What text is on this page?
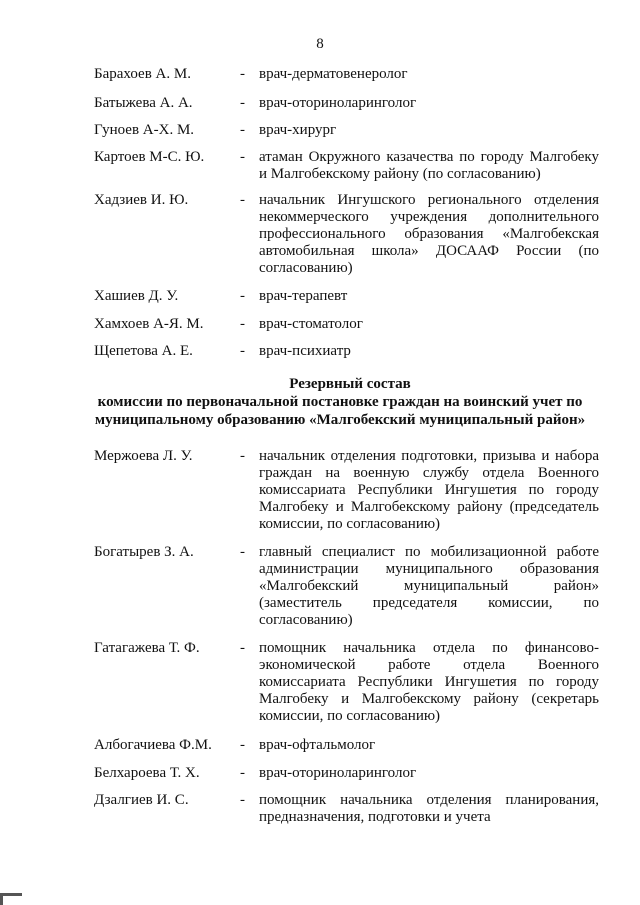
8
Барахоев А. М.	- врач-дерматовенеролог
Батыжева А. А.	- врач-оториноларинголог
Гуноев А-Х. М.	- врач-хирург
Картоев М-С. Ю. - атаман Окружного казачества по городу Малгобеку и Малгобекскому району (по согласованию)
Хадзиев И. Ю.	- начальник Ингушского регионального отделения некоммерческого учреждения дополнительного профессионального образования «Малгобекская автомобильная школа» ДОСААФ России (по согласованию)
Хашиев Д. У.	- врач-терапевт
Хамхоев А-Я. М. - врач-стоматолог
Щепетова А. Е.	- врач-психиатр
Резервный состав
комиссии по первоначальной постановке граждан на воинский учет по
муниципальному образованию «Малгобекский муниципальный район»
Мержоева Л. У.	- начальник отделения подготовки, призыва и набора граждан на военную службу отдела Военного комиссариата Республики Ингушетия по городу Малгобеку и Малгобекскому району (председатель комиссии, по согласованию)
Богатырев З. А.	- главный специалист по мобилизационной работе администрации муниципального образования «Малгобекский муниципальный район» (заместитель председателя комиссии, по согласованию)
Гатагажева Т. Ф.	- помощник начальника отдела по финансово-экономической работе отдела Военного комиссариата Республики Ингушетия по городу Малгобеку и Малгобекскому району (секретарь комиссии, по согласованию)
Албогачиева Ф.М. - врач-офтальмолог
Белхароева Т. Х.	- врач-оториноларинголог
Дзалгиев И. С.	- помощник начальника отделения планирования, предназначения, подготовки и учета
